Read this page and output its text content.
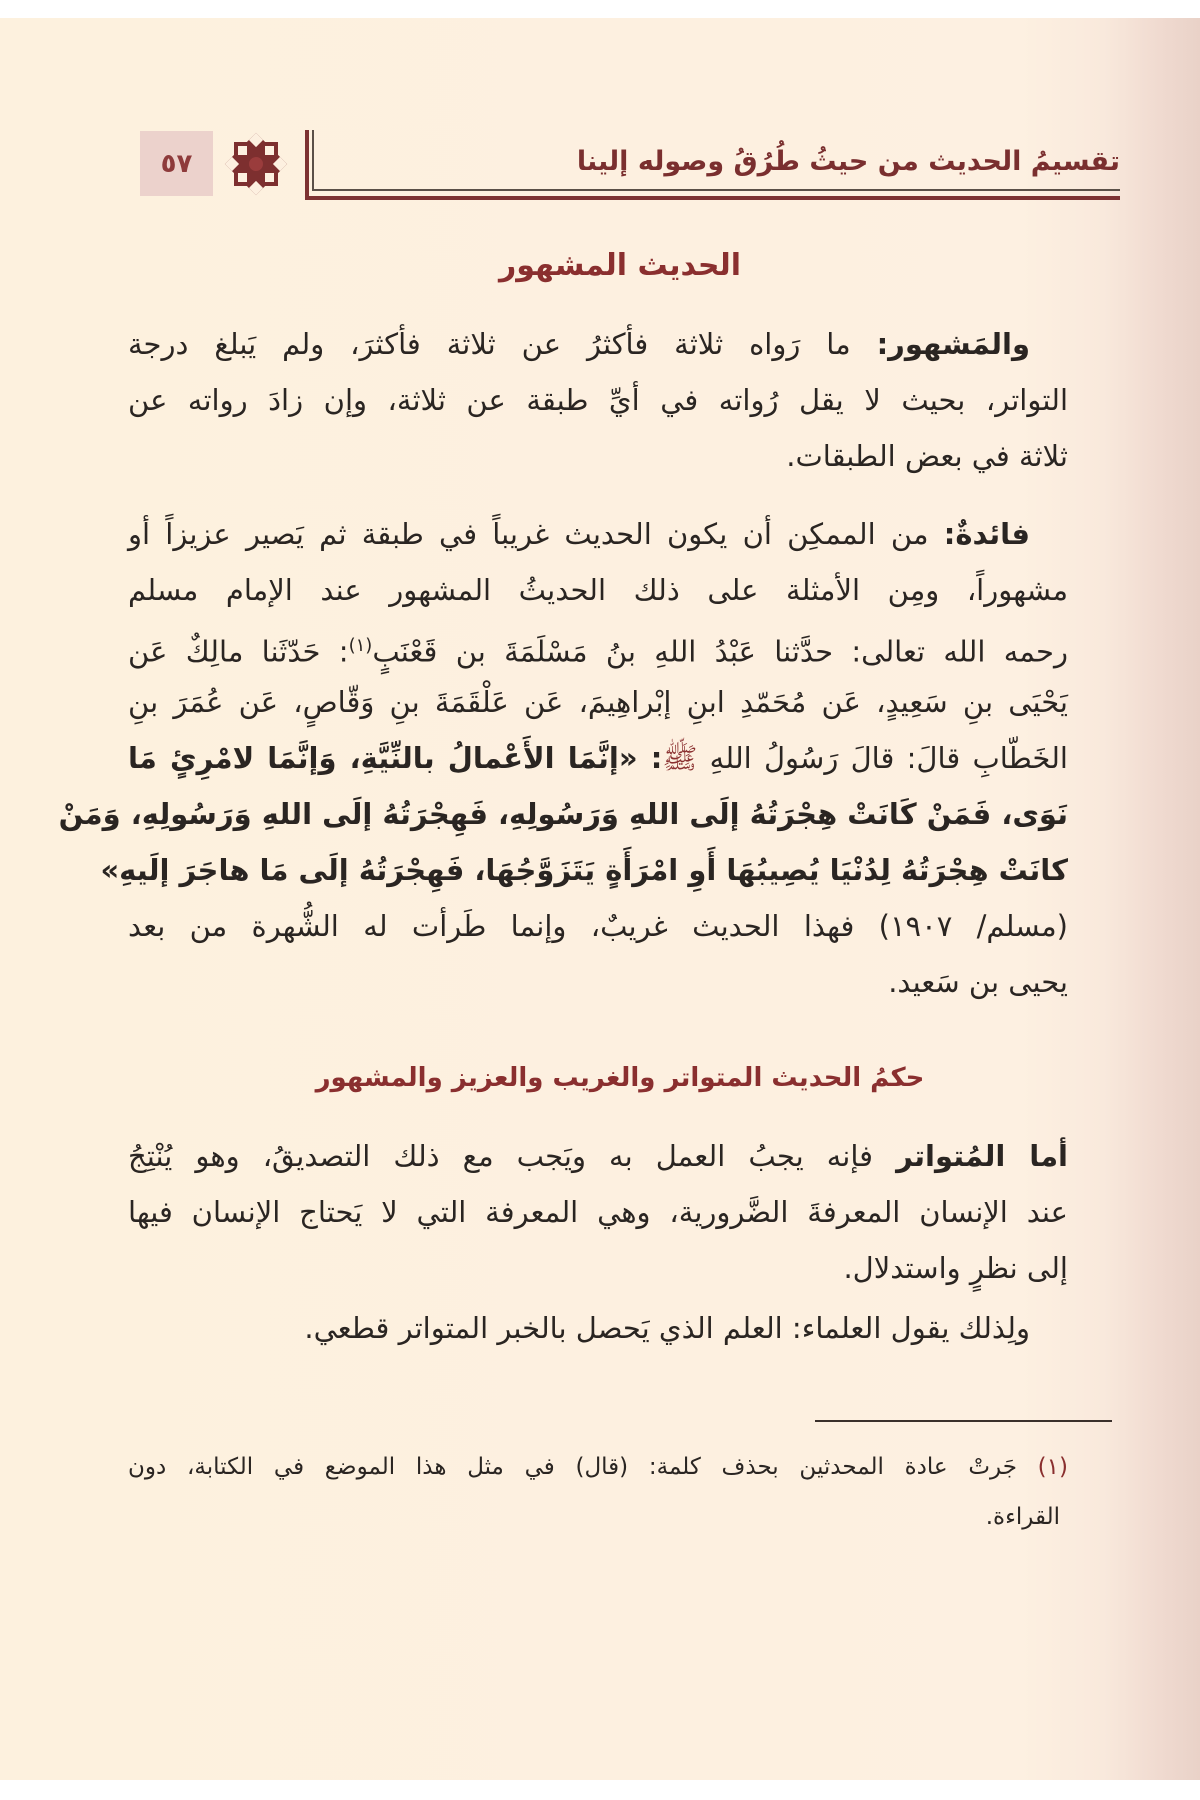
٥٧	تقسيمُ الحديث من حيثُ طُرُقُ وصوله إلينا
الحديث المشهور
والمَشهور: ما رَواه ثلاثة فأكثرُ عن ثلاثة فأكثرَ، ولم يَبلغ درجة
التواتر، بحيث لا يقل رُواته في أيِّ طبقة عن ثلاثة، وإن زادَ رواته عن
ثلاثة في بعض الطبقات.
فائدةٌ: من الممكِن أن يكون الحديث غريباً في طبقة ثم يَصير عزيزاً أو
مشهوراً، ومِن الأمثلة على ذلك الحديثُ المشهور عند الإمام مسلم
رحمه الله تعالى: حدَّثنا عَبْدُ اللهِ بنُ مَسْلَمَةَ بن قَعْنَبٍ$^{(١)}$: حَدّثَنا مالِكٌ عَن
يَحْيَى بنِ سَعِيدٍ، عَن مُحَمّدِ ابنِ إبْراهِيمَ، عَن عَلْقَمَةَ بنِ وَقّاصٍ، عَن عُمَرَ بنِ
الخَطّابِ قالَ: قالَ رَسُولُ اللهِ ﷺ: «إنَّمَا الأَعْمالُ بالنِّيَّةِ، وَإنَّمَا لامْرِئٍ مَا
نَوَى، فَمَنْ كَانَتْ هِجْرَتُهُ إلَى اللهِ وَرَسُولِهِ، فَهِجْرَتُهُ إلَى اللهِ وَرَسُولِهِ، وَمَنْ
كانَتْ هِجْرَتُهُ لِدُنْيَا يُصِيبُهَا أَوِ امْرَأَةٍ يَتَزَوَّجُهَا، فَهِجْرَتُهُ إلَى مَا هاجَرَ إلَيهِ»
(مسلم/ ١٩٠٧) فهذا الحديث غريبٌ، وإنما طَرأت له الشُّهرة من بعد
يحيى بن سَعيد.
حكمُ الحديث المتواتر والغريب والعزيز والمشهور
أما المُتواتر فإنه يجبُ العمل به ويَجب مع ذلك التصديقُ، وهو يُنْتِجُ
عند الإنسان المعرفةَ الضَّرورية، وهي المعرفة التي لا يَحتاج الإنسان فيها
إلى نظرٍ واستدلال.
ولِذلك يقول العلماء: العلم الذي يَحصل بالخبر المتواتر قطعي.
(١) جَرتْ عادة المحدثين بحذف كلمة: (قال) في مثل هذا الموضع في الكتابة، دون
القراءة.
